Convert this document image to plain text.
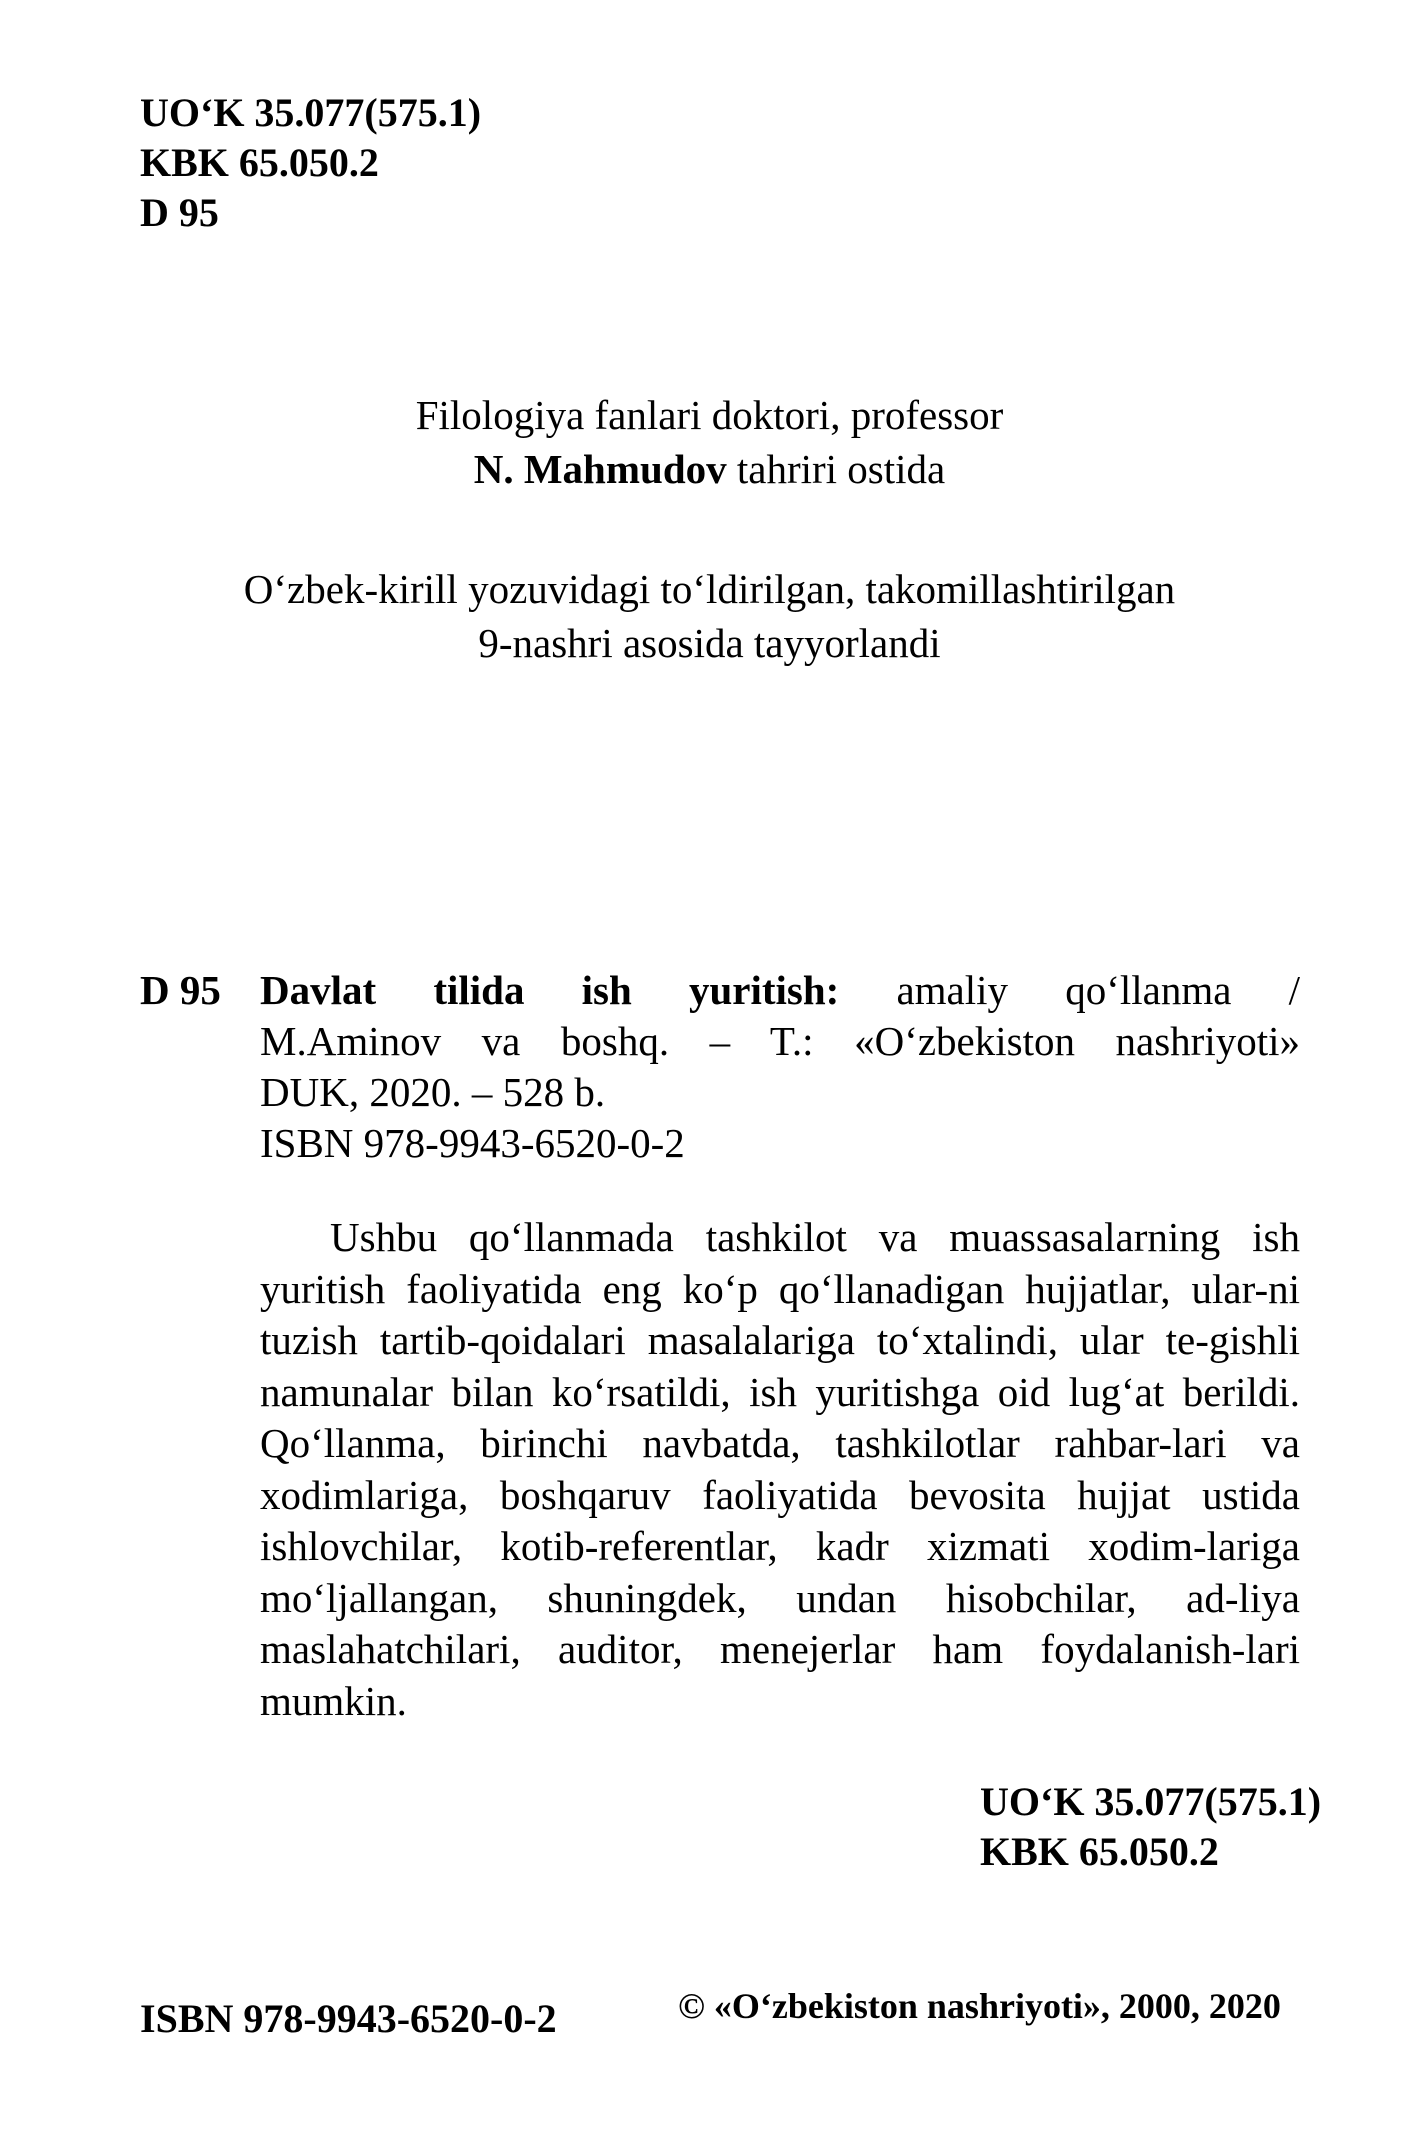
UO‘K 35.077(575.1)
KBK 65.050.2
D 95
Filologiya fanlari doktori, professor
N. Mahmudov tahriri ostida
O‘zbek-kirill yozuvidagi to‘ldirilgan, takomillashtirilgan
9-nashri asosida tayyorlandi
D 95 Davlat tilida ish yuritish: amaliy qo‘llanma /
M.Aminov va boshq. – T.: «O‘zbekiston nashriyoti»
DUK, 2020. – 528 b.
ISBN 978-9943-6520-0-2
Ushbu qo‘llanmada tashkilot va muassasalarning ish yuritish faoliyatida eng ko‘p qo‘llanadigan hujjatlar, ular-ni tuzish tartib-qoidalari masalalariga to‘xtalindi, ular te-gishli namunalar bilan ko‘rsatildi, ish yuritishga oid lug‘at berildi. Qo‘llanma, birinchi navbatda, tashkilotlar rahbar-lari va xodimlariga, boshqaruv faoliyatida bevosita hujjat ustida ishlovchilar, kotib-referentlar, kadr xizmati xodim-lariga mo‘ljallangan, shuningdek, undan hisobchilar, ad-liya maslahatchilari, auditor, menejerlar ham foydalanish-lari mumkin.
UO‘K 35.077(575.1)
KBK 65.050.2
ISBN 978-9943-6520-0-2	© «O‘zbekiston nashriyoti», 2000, 2020
